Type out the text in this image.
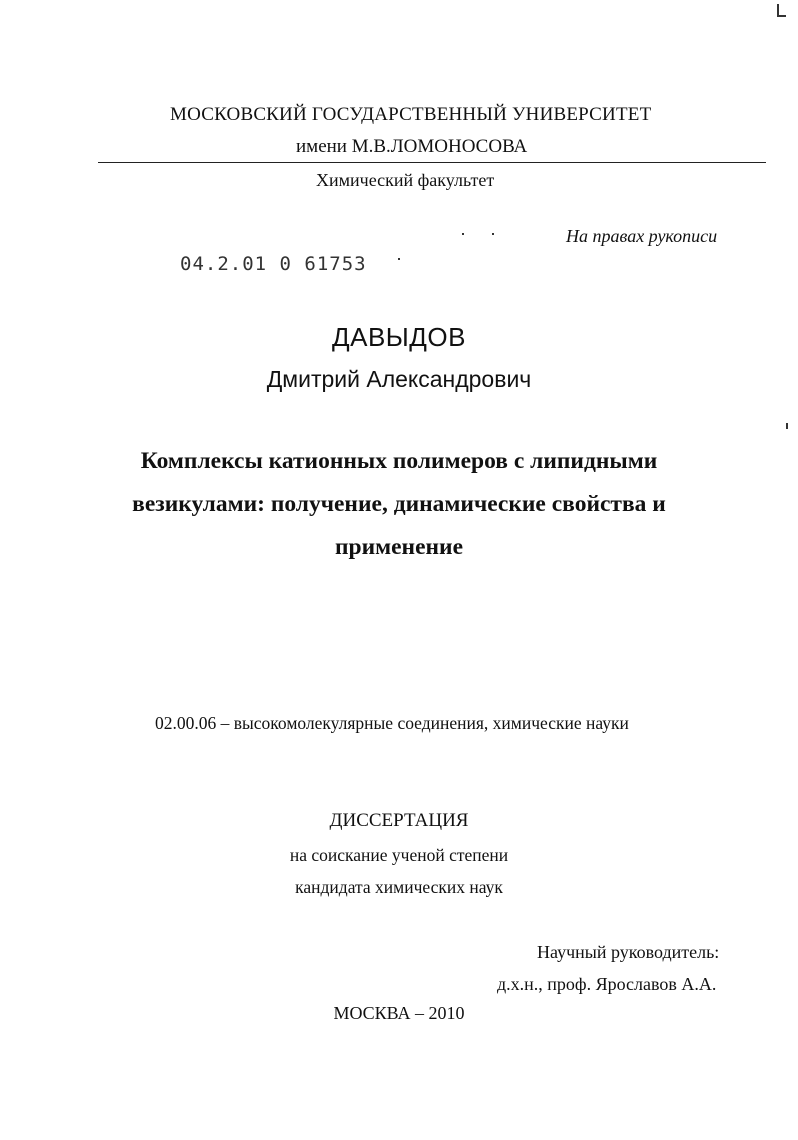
МОСКОВСКИЙ ГОСУДАРСТВЕННЫЙ УНИВЕРСИТЕТ
имени М.В.ЛОМОНОСОВА
Химический факультет
На правах рукописи
04.2.01 0 61753
ДАВЫДОВ
Дмитрий Александрович
Комплексы катионных полимеров с липидными
везикулами: получение, динамические свойства и
применение
02.00.06 – высокомолекулярные соединения, химические науки
ДИССЕРТАЦИЯ
на соискание ученой степени
кандидата химических наук
Научный руководитель:
д.х.н., проф. Ярославов А.А.
МОСКВА – 2010
